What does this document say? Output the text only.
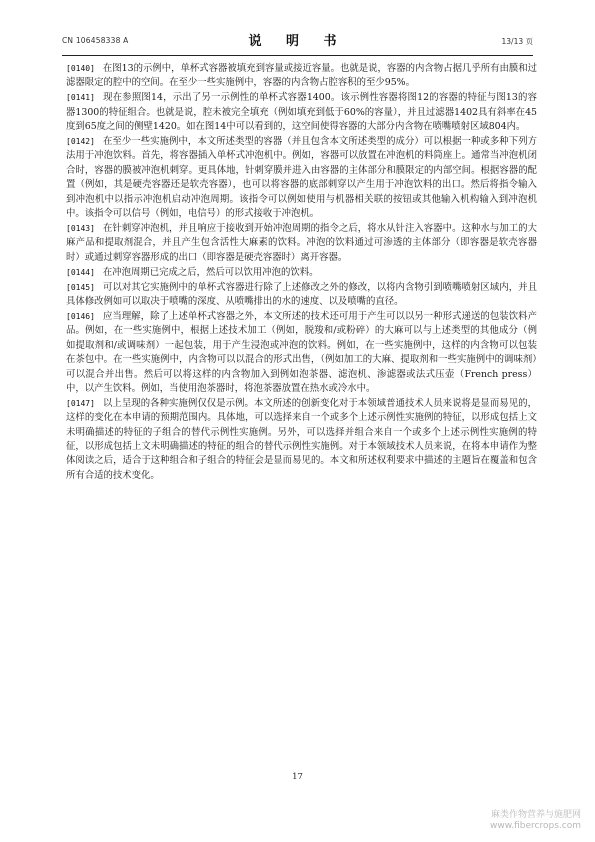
CN 106458338 A	说 明 书	13/13 页

[0140] 在图13的示例中，单杯式容器被填充到容量或接近容量。也就是说，容器的内含物占据几乎所有由膜和过滤器限定的腔中的空间。在至少一些实施例中，容器的内含物占腔容积的至少95%。

[0141] 现在参照图14，示出了另一示例性的单杯式容器1400。该示例性容器将图12的容器的特征与图13的容器1300的特征组合。也就是说，腔未被完全填充（例如填充到低于60%的容量），并且过滤器1402具有斜率在45度到65度之间的侧壁1420。如在图14中可以看到的，这空间使得容器的大部分内含物在喷嘴喷射区域804内。

[0142] 在至少一些实施例中，本文所述类型的容器（并且包含本文所述类型的成分）可以根据一种或多种下列方法用于冲泡饮料。首先，将容器插入单杯式冲泡机中。例如，容器可以放置在冲泡机的料筒座上。通常当冲泡机闭合时，容器的膜被冲泡机刺穿。更具体地，针刺穿膜并进入由容器的主体部分和膜限定的内部空间。根据容器的配置（例如，其是硬壳容器还是软壳容器），也可以将容器的底部刺穿以产生用于冲泡饮料的出口。然后将指令输入到冲泡机中以指示冲泡机启动冲泡周期。该指令可以例如使用与机器相关联的按钮或其他输入机构输入到冲泡机中。该指令可以信号（例如，电信号）的形式接收于冲泡机。

[0143] 在针刺穿冲泡机，并且响应于接收到开始冲泡周期的指令之后，将水从针注入容器中。这种水与加工的大麻产品和提取剂混合，并且产生包含活性大麻素的饮料。冲泡的饮料通过可渗透的主体部分（即容器是软壳容器时）或通过刺穿容器形成的出口（即容器是硬壳容器时）离开容器。

[0144] 在冲泡周期已完成之后，然后可以饮用冲泡的饮料。

[0145] 可以对其它实施例中的单杯式容器进行除了上述修改之外的修改，以将内含物引到喷嘴喷射区域内，并且具体修改例如可以取决于喷嘴的深度、从喷嘴排出的水的速度、以及喷嘴的直径。

[0146] 应当理解，除了上述单杯式容器之外，本文所述的技术还可用于产生可以以另一种形式递送的包装饮料产品。例如，在一些实施例中，根据上述技术加工（例如，脱羧和/或粉碎）的大麻可以与上述类型的其他成分（例如提取剂和/或调味剂）一起包装，用于产生浸泡或冲泡的饮料。例如，在一些实施例中，这样的内含物可以包装在茶包中。在一些实施例中，内含物可以以混合的形式出售，（例如加工的大麻、提取剂和一些实施例中的调味剂）可以混合并出售。然后可以将这样的内含物加入到例如泡茶器、滤泡机、渗滤器或法式压壶（French press）中，以产生饮料。例如，当使用泡茶器时，将泡茶器放置在热水或冷水中。

[0147] 以上呈现的各种实施例仅仅是示例。本文所述的创新变化对于本领域普通技术人员来说将是显而易见的，这样的变化在本申请的预期范围内。具体地，可以选择来自一个或多个上述示例性实施例的特征，以形成包括上文未明确描述的特征的子组合的替代示例性实施例。另外，可以选择并组合来自一个或多个上述示例性实施例的特征，以形成包括上文未明确描述的特征的组合的替代示例性实施例。对于本领域技术人员来说，在将本申请作为整体阅读之后，适合于这种组合和子组合的特征会是显而易见的。本文和所述权利要求中描述的主题旨在覆盖和包含所有合适的技术变化。

17
麻类作物营养与施肥网
www.fibercrops.com
